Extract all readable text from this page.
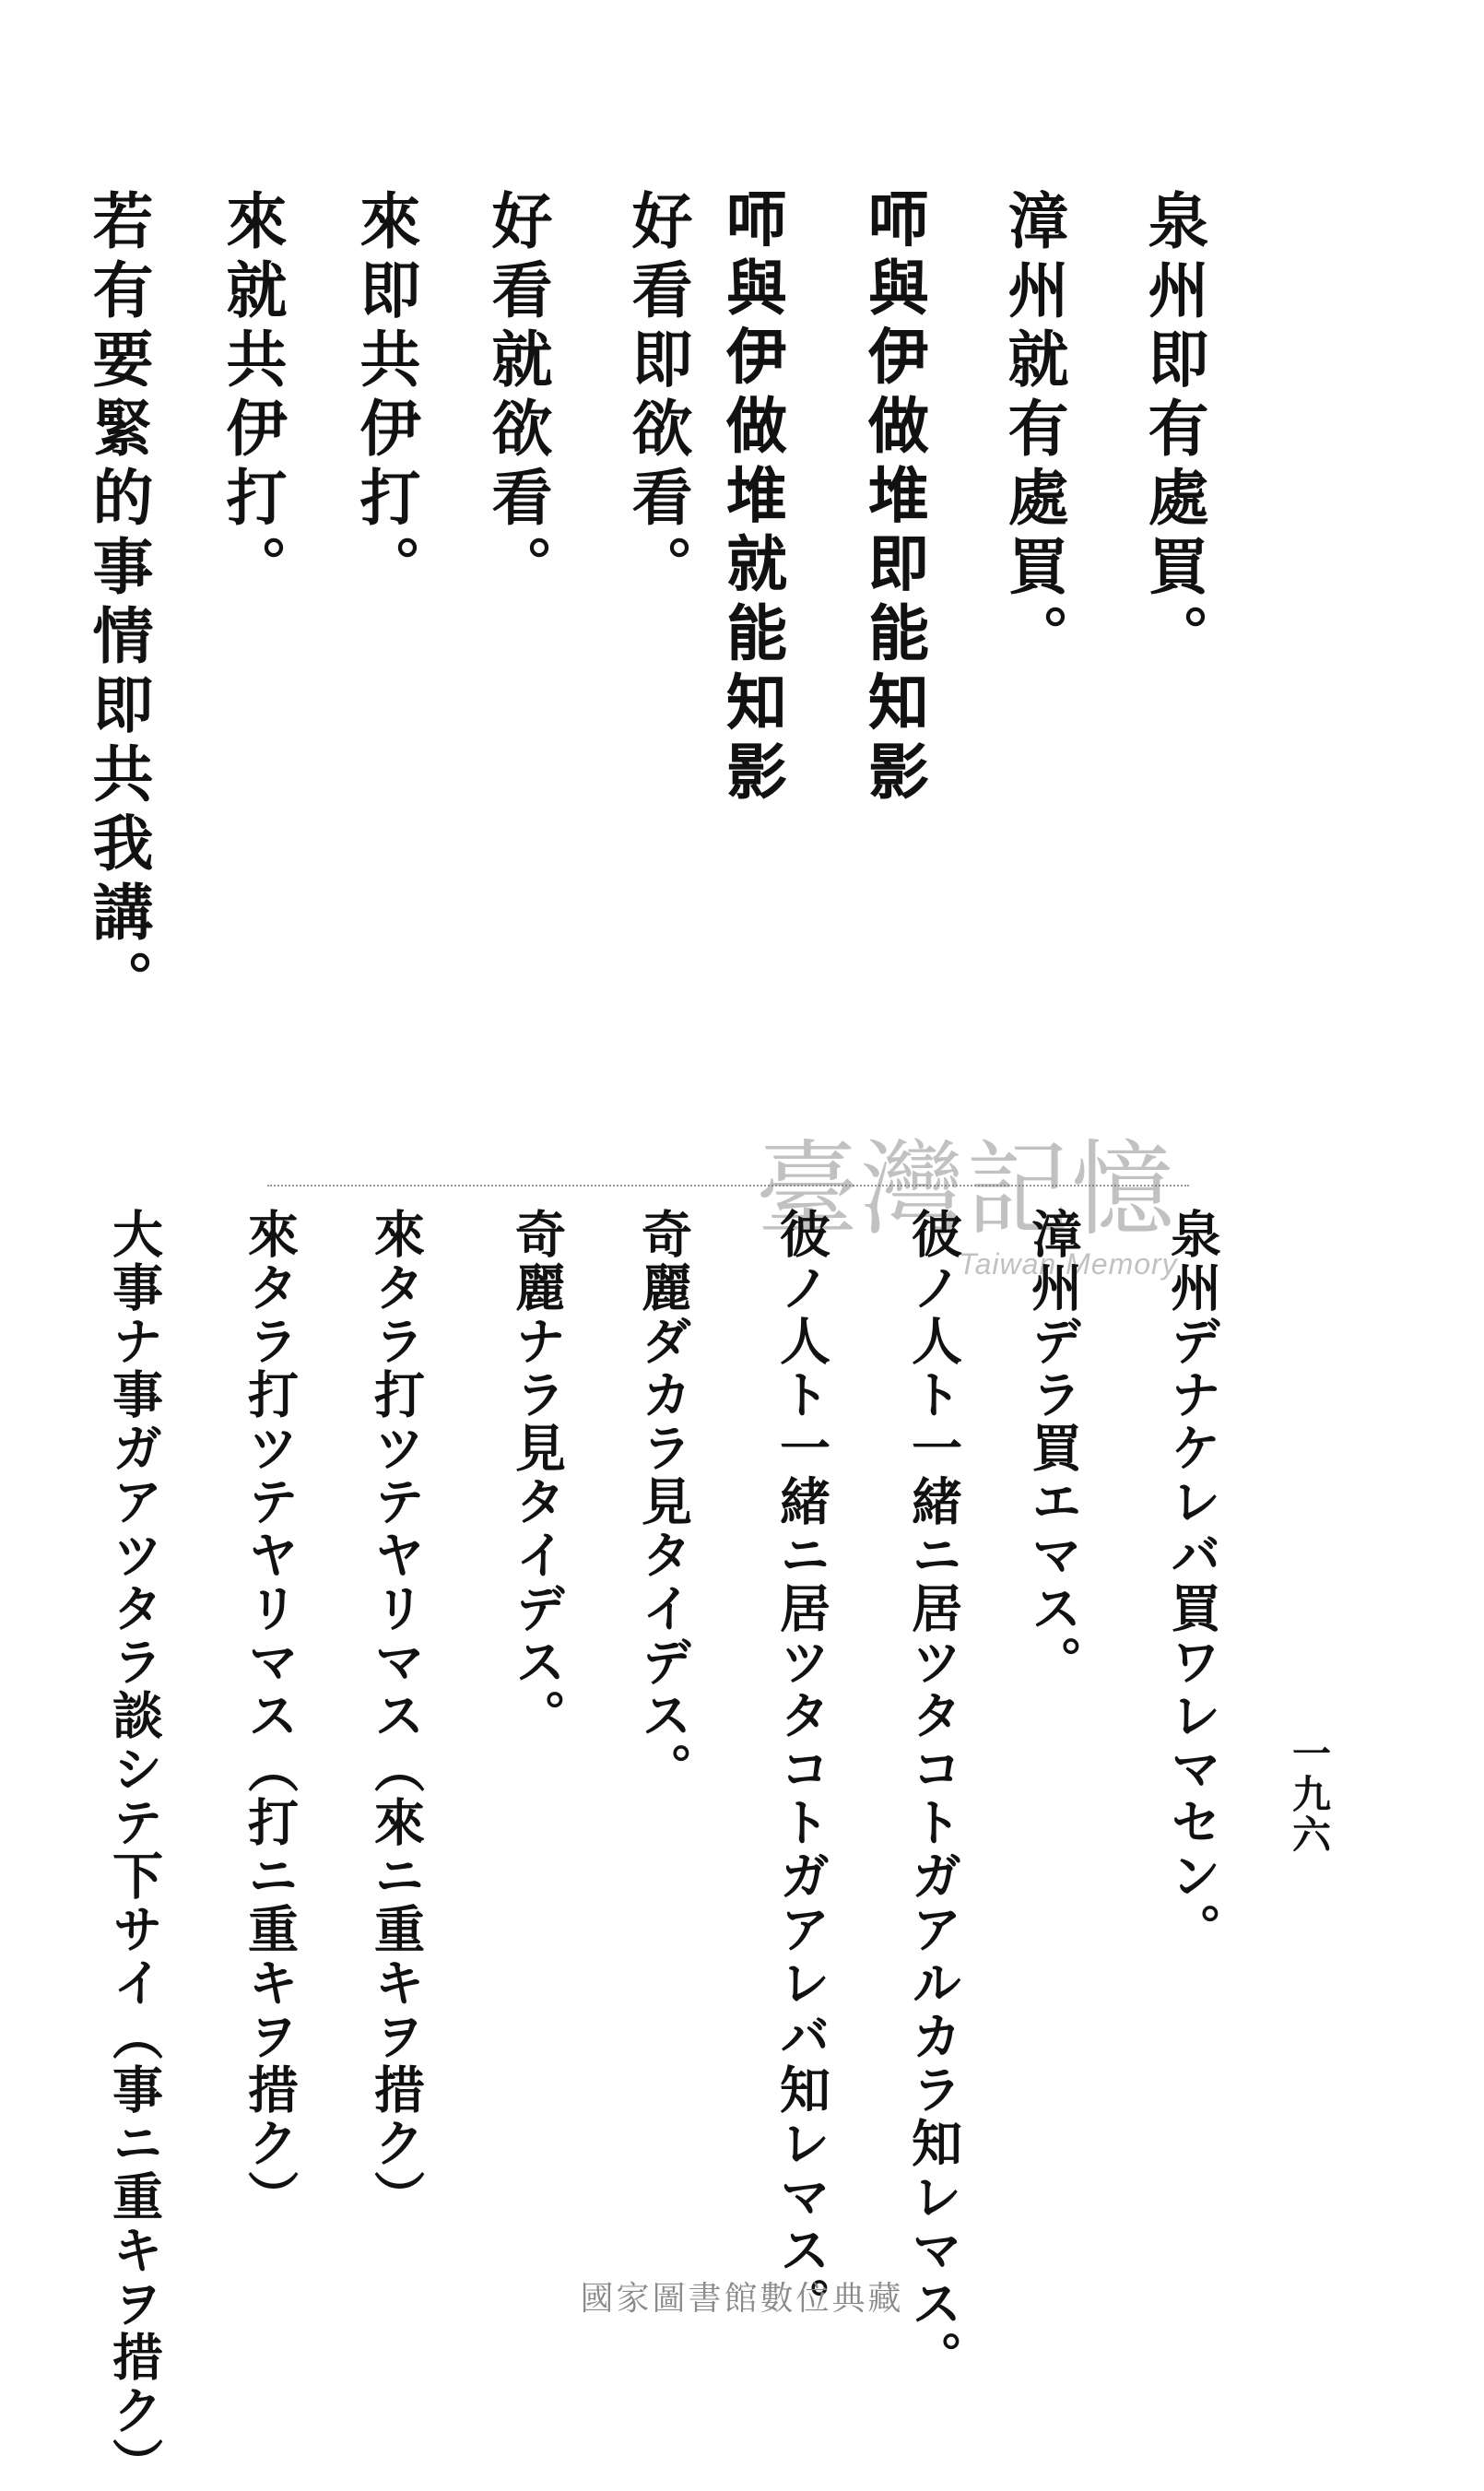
泉州即有處買。
漳州就有處買。
𠯗與伊做堆即能知影
𠯗與伊做堆就能知影
好看即欲看。
好看就欲看。
來即共伊打。
來就共伊打。
若有要緊的事情即共我講。
臺灣記憶
Taiwan Memory
泉州デナケレバ買ワレマセン。
漳州デラ買エマス。
彼ノ人ト一緒ニ居ツタコトガアルカラ知レマス。
彼ノ人ト一緒ニ居ツタコトガアレバ知レマス。
奇麗ダカラ見タイデス。
奇麗ナラ見タイデス。
來タラ打ツテヤリマス（來ニ重キヲ措ク）
來タラ打ツテヤリマス（打ニ重キヲ措ク）
大事ナ事ガアツタラ談シテ下サイ（事ニ重キヲ措ク）	一九六
國家圖書館數位典藏
